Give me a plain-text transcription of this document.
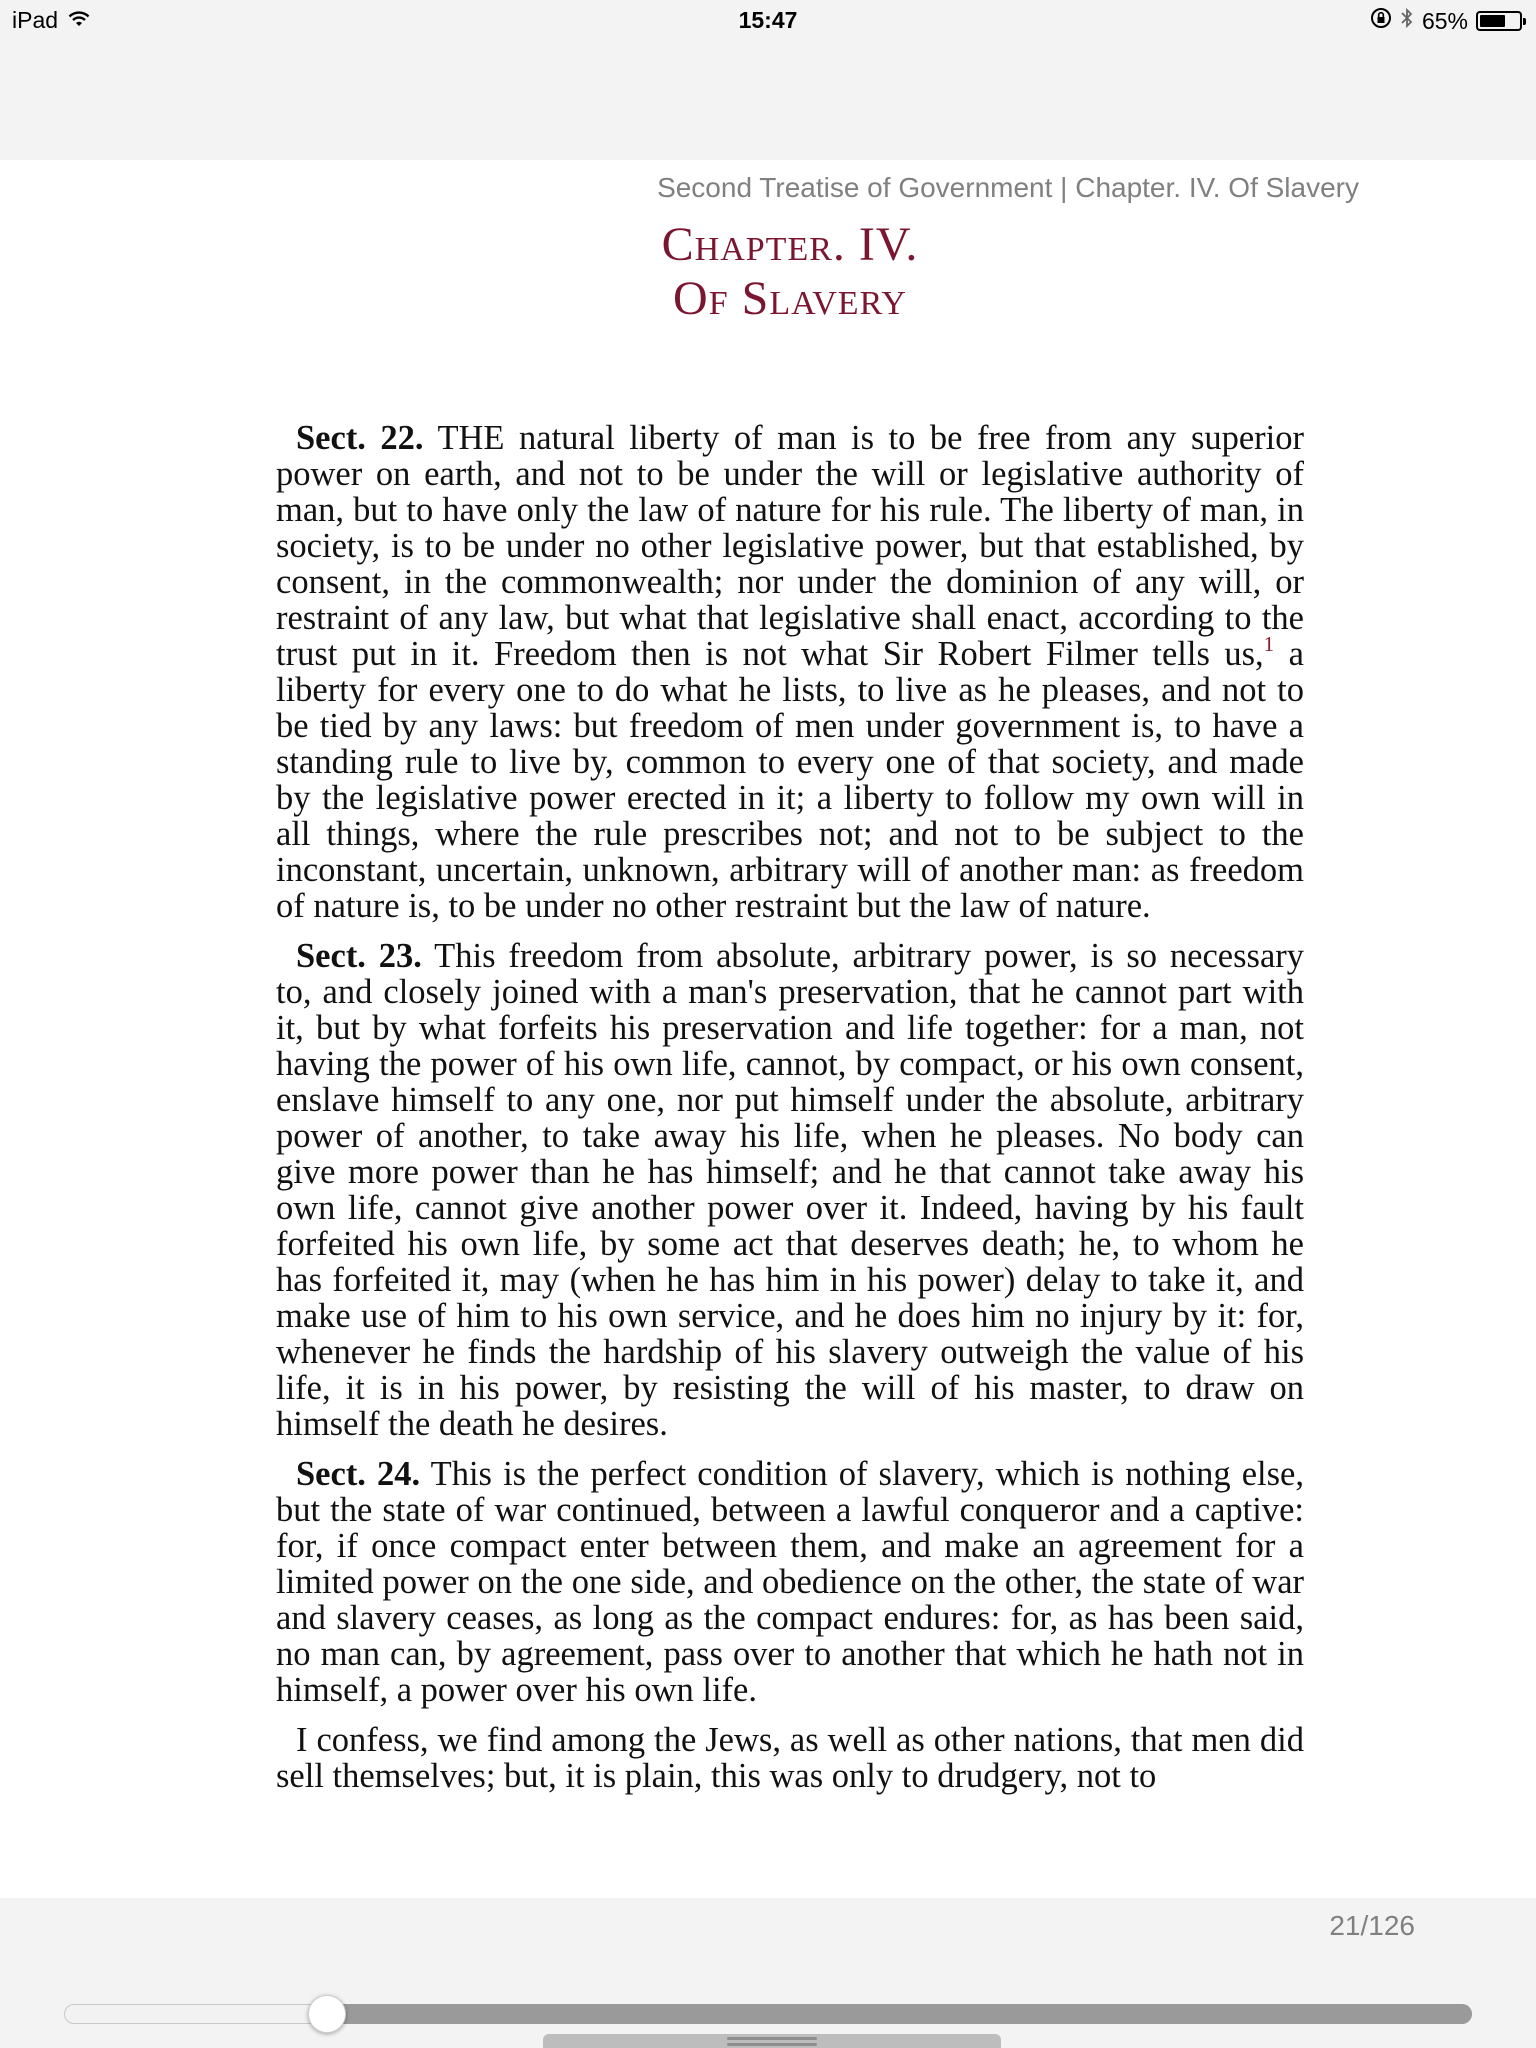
iPad	15:47	65%
Second Treatise of Government | Chapter. IV. Of Slavery
Chapter. IV.
Of Slavery

Sect. 22. THE natural liberty of man is to be free from any superior power on earth, and not to be under the will or legislative authority of man, but to have only the law of nature for his rule. The liberty of man, in society, is to be under no other legislative power, but that established, by consent, in the commonwealth; nor under the dominion of any will, or restraint of any law, but what that legislative shall enact, according to the trust put in it. Freedom then is not what Sir Robert Filmer tells us,$^1$ a liberty for every one to do what he lists, to live as he pleases, and not to be tied by any laws: but freedom of men under government is, to have a standing rule to live by, common to every one of that society, and made by the legislative power erected in it; a liberty to follow my own will in all things, where the rule prescribes not; and not to be subject to the inconstant, uncertain, unknown, arbitrary will of another man: as freedom of nature is, to be under no other restraint but the law of nature.

Sect. 23. This freedom from absolute, arbitrary power, is so necessary to, and closely joined with a man's preservation, that he cannot part with it, but by what forfeits his preservation and life together: for a man, not having the power of his own life, cannot, by compact, or his own consent, enslave himself to any one, nor put himself under the absolute, arbitrary power of another, to take away his life, when he pleases. No body can give more power than he has himself; and he that cannot take away his own life, cannot give another power over it. Indeed, having by his fault forfeited his own life, by some act that deserves death; he, to whom he has forfeited it, may (when he has him in his power) delay to take it, and make use of him to his own service, and he does him no injury by it: for, whenever he finds the hardship of his slavery outweigh the value of his life, it is in his power, by resisting the will of his master, to draw on himself the death he desires.

Sect. 24. This is the perfect condition of slavery, which is nothing else, but the state of war continued, between a lawful conqueror and a captive: for, if once compact enter between them, and make an agreement for a limited power on the one side, and obedience on the other, the state of war and slavery ceases, as long as the compact endures: for, as has been said, no man can, by agreement, pass over to another that which he hath not in himself, a power over his own life.

I confess, we find among the Jews, as well as other nations, that men did sell themselves; but, it is plain, this was only to drudgery, not to

21/126
